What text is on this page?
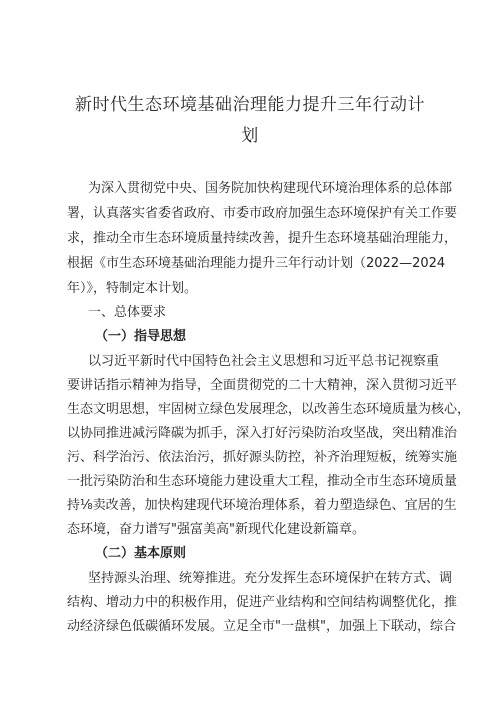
新时代生态环境基础治理能力提升三年行动计
划
为深入贯彻党中央、国务院加快构建现代环境治理体系的总体部
署，认真落实省委省政府、市委市政府加强生态环境保护有关工作要
求，推动全市生态环境质量持续改善，提升生态环境基础治理能力，
根据《市生态环境基础治理能力提升三年行动计划（2022—2024
年）》，特制定本计划。
一、总体要求
（一）指导思想
以习近平新时代中国特色社会主义思想和习近平总书记视察重
要讲话指示精神为指导，全面贯彻党的二十大精神，深入贯彻习近平
生态文明思想，牢固树立绿色发展理念，以改善生态环境质量为核心，
以协同推进减污降碳为抓手，深入打好污染防治攻坚战，突出精准治
污、科学治污、依法治污，抓好源头防控，补齐治理短板，统筹实施
一批污染防治和生态环境能力建设重大工程，推动全市生态环境质量
持⅛卖改善，加快构建现代环境治理体系，着力塑造绿色、宜居的生
态环境，奋力谱写"强富美高"新现代化建设新篇章。
（二）基本原则
坚持源头治理、统筹推进。充分发挥生态环境保护在转方式、调
结构、增动力中的积极作用，促进产业结构和空间结构调整优化，推
动经济绿色低碳循环发展。立足全市"一盘棋"，加强上下联动，综合
